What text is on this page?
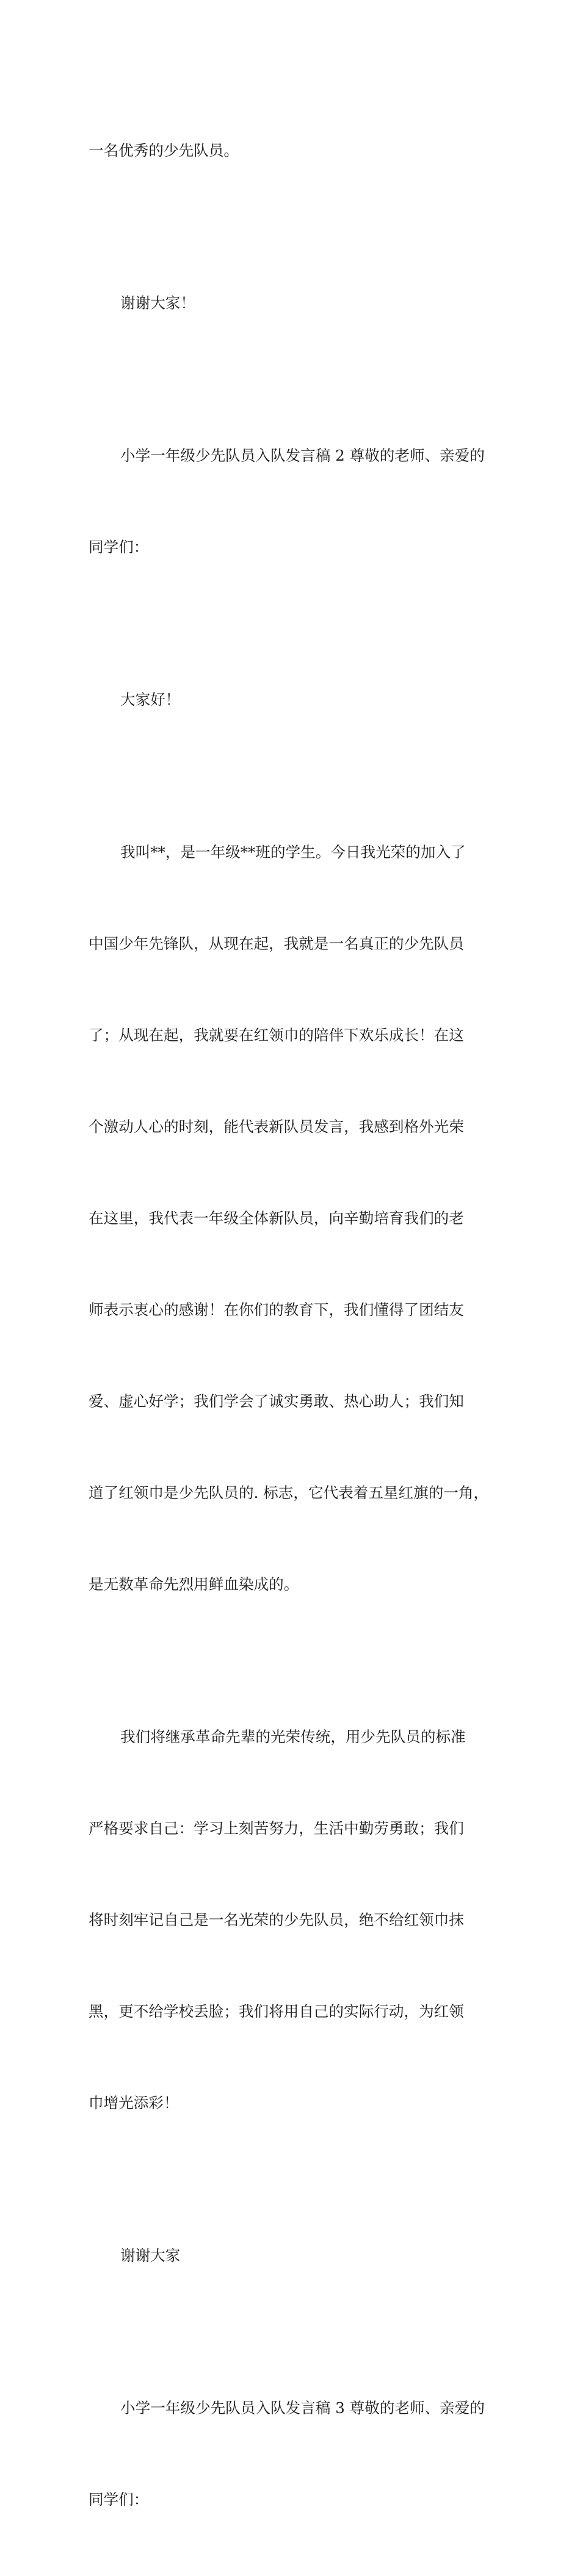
一名优秀的少先队员。

谢谢大家！

小学一年级少先队员入队发言稿 2 尊敬的老师、亲爱的

同学们：

大家好！

我叫**，是一年级**班的学生。今日我光荣的加入了

中国少年先锋队，从现在起，我就是一名真正的少先队员

了；从现在起，我就要在红领巾的陪伴下欢乐成长！在这

个激动人心的时刻，能代表新队员发言，我感到格外光荣

在这里，我代表一年级全体新队员，向辛勤培育我们的老

师表示衷心的感谢！在你们的教育下，我们懂得了团结友

爱、虚心好学；我们学会了诚实勇敢、热心助人；我们知

道了红领巾是少先队员的. 标志，它代表着五星红旗的一角，

是无数革命先烈用鲜血染成的。

我们将继承革命先辈的光荣传统，用少先队员的标准

严格要求自己：学习上刻苦努力，生活中勤劳勇敢；我们

将时刻牢记自己是一名光荣的少先队员，绝不给红领巾抹

黑，更不给学校丢脸；我们将用自己的实际行动，为红领

巾增光添彩！

谢谢大家

小学一年级少先队员入队发言稿 3 尊敬的老师、亲爱的

同学们：
